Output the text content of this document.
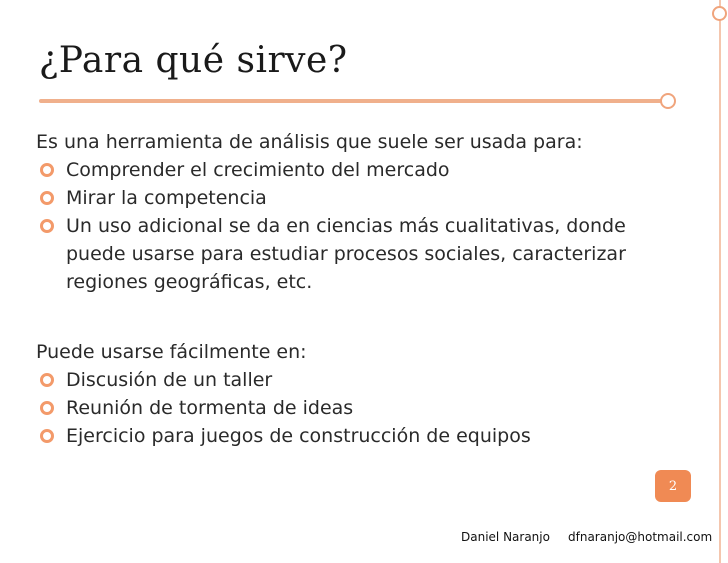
¿Para qué sirve?

Es una herramienta de análisis que suele ser usada para:

Comprender el crecimiento del mercado
Mirar la competencia
Un uso adicional se da en ciencias más cualitativas, donde puede usarse para estudiar procesos sociales, caracterizar regiones geográficas, etc.

Puede usarse fácilmente en:

Discusión de un taller
Reunión de tormenta de ideas
Ejercicio para juegos de construcción de equipos
2
Daniel Naranjo dfnaranjo@hotmail.com
